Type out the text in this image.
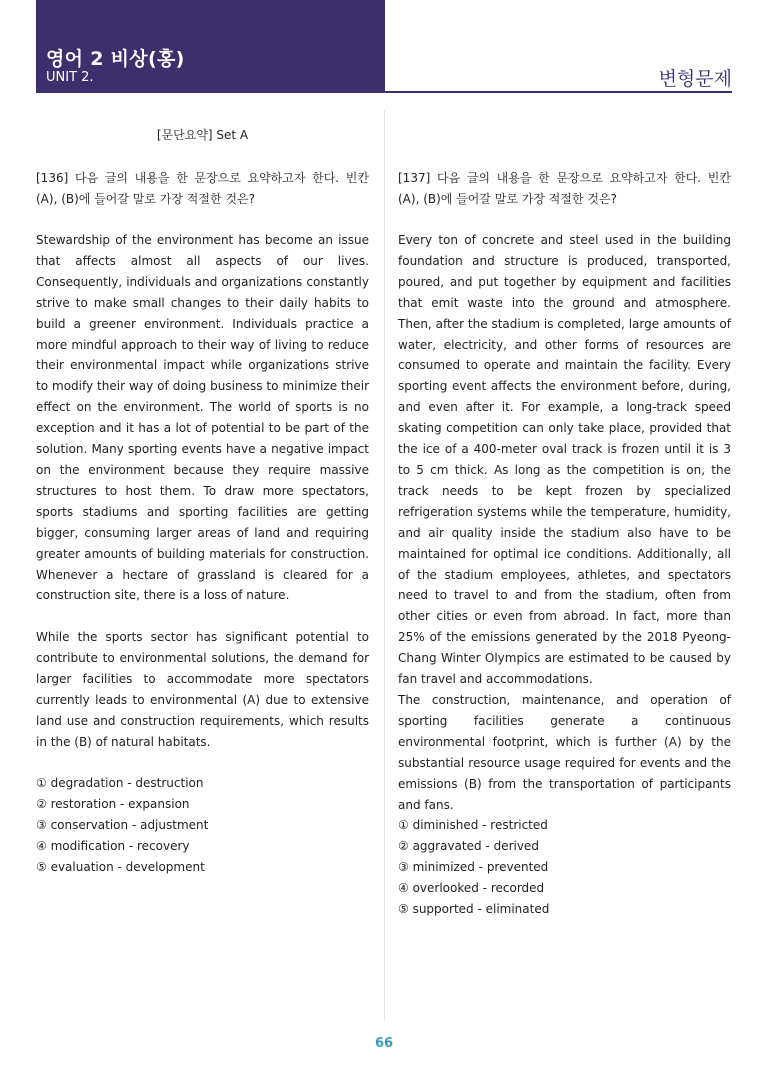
영어 2 비상(홍)
UNIT 2.	변형문제
[문단요약] Set A
[136] 다음 글의 내용을 한 문장으로 요약하고자 한다. 빈칸 (A), (B)에 들어갈 말로 가장 적절한 것은?
Stewardship of the environment has become an issue that affects almost all aspects of our lives. Consequently, individuals and organizations constantly strive to make small changes to their daily habits to build a greener environment. Individuals practice a more mindful approach to their way of living to reduce their environmental impact while organizations strive to modify their way of doing business to minimize their effect on the environment. The world of sports is no exception and it has a lot of potential to be part of the solution. Many sporting events have a negative impact on the environment because they require massive structures to host them. To draw more spectators, sports stadiums and sporting facilities are getting bigger, consuming larger areas of land and requiring greater amounts of building materials for construction. Whenever a hectare of grassland is cleared for a construction site, there is a loss of nature.
While the sports sector has significant potential to contribute to environmental solutions, the demand for larger facilities to accommodate more spectators currently leads to environmental (A) due to extensive land use and construction requirements, which results in the (B) of natural habitats.
① degradation - destruction
② restoration - expansion
③ conservation - adjustment
④ modification - recovery
⑤ evaluation - development
[137] 다음 글의 내용을 한 문장으로 요약하고자 한다. 빈칸 (A), (B)에 들어갈 말로 가장 적절한 것은?
Every ton of concrete and steel used in the building foundation and structure is produced, transported, poured, and put together by equipment and facilities that emit waste into the ground and atmosphere. Then, after the stadium is completed, large amounts of water, electricity, and other forms of resources are consumed to operate and maintain the facility. Every sporting event affects the environment before, during, and even after it. For example, a long-track speed skating competition can only take place, provided that the ice of a 400-meter oval track is frozen until it is 3 to 5 cm thick. As long as the competition is on, the track needs to be kept frozen by specialized refrigeration systems while the temperature, humidity, and air quality inside the stadium also have to be maintained for optimal ice conditions. Additionally, all of the stadium employees, athletes, and spectators need to travel to and from the stadium, often from other cities or even from abroad. In fact, more than 25% of the emissions generated by the 2018 Pyeong- Chang Winter Olympics are estimated to be caused by fan travel and accommodations.
The construction, maintenance, and operation of sporting facilities generate a continuous environmental footprint, which is further (A) by the substantial resource usage required for events and the emissions (B) from the transportation of participants and fans.
① diminished - restricted
② aggravated - derived
③ minimized - prevented
④ overlooked - recorded
⑤ supported - eliminated
66
